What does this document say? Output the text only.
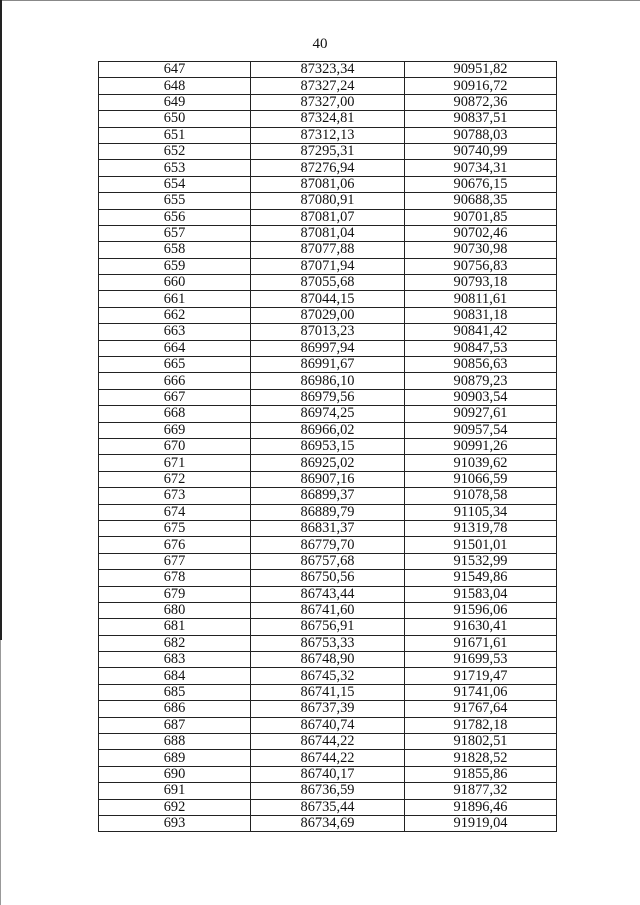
40
647	87323,34	90951,82
648	87327,24	90916,72
649	87327,00	90872,36
650	87324,81	90837,51
651	87312,13	90788,03
652	87295,31	90740,99
653	87276,94	90734,31
654	87081,06	90676,15
655	87080,91	90688,35
656	87081,07	90701,85
657	87081,04	90702,46
658	87077,88	90730,98
659	87071,94	90756,83
660	87055,68	90793,18
661	87044,15	90811,61
662	87029,00	90831,18
663	87013,23	90841,42
664	86997,94	90847,53
665	86991,67	90856,63
666	86986,10	90879,23
667	86979,56	90903,54
668	86974,25	90927,61
669	86966,02	90957,54
670	86953,15	90991,26
671	86925,02	91039,62
672	86907,16	91066,59
673	86899,37	91078,58
674	86889,79	91105,34
675	86831,37	91319,78
676	86779,70	91501,01
677	86757,68	91532,99
678	86750,56	91549,86
679	86743,44	91583,04
680	86741,60	91596,06
681	86756,91	91630,41
682	86753,33	91671,61
683	86748,90	91699,53
684	86745,32	91719,47
685	86741,15	91741,06
686	86737,39	91767,64
687	86740,74	91782,18
688	86744,22	91802,51
689	86744,22	91828,52
690	86740,17	91855,86
691	86736,59	91877,32
692	86735,44	91896,46
693	86734,69	91919,04
